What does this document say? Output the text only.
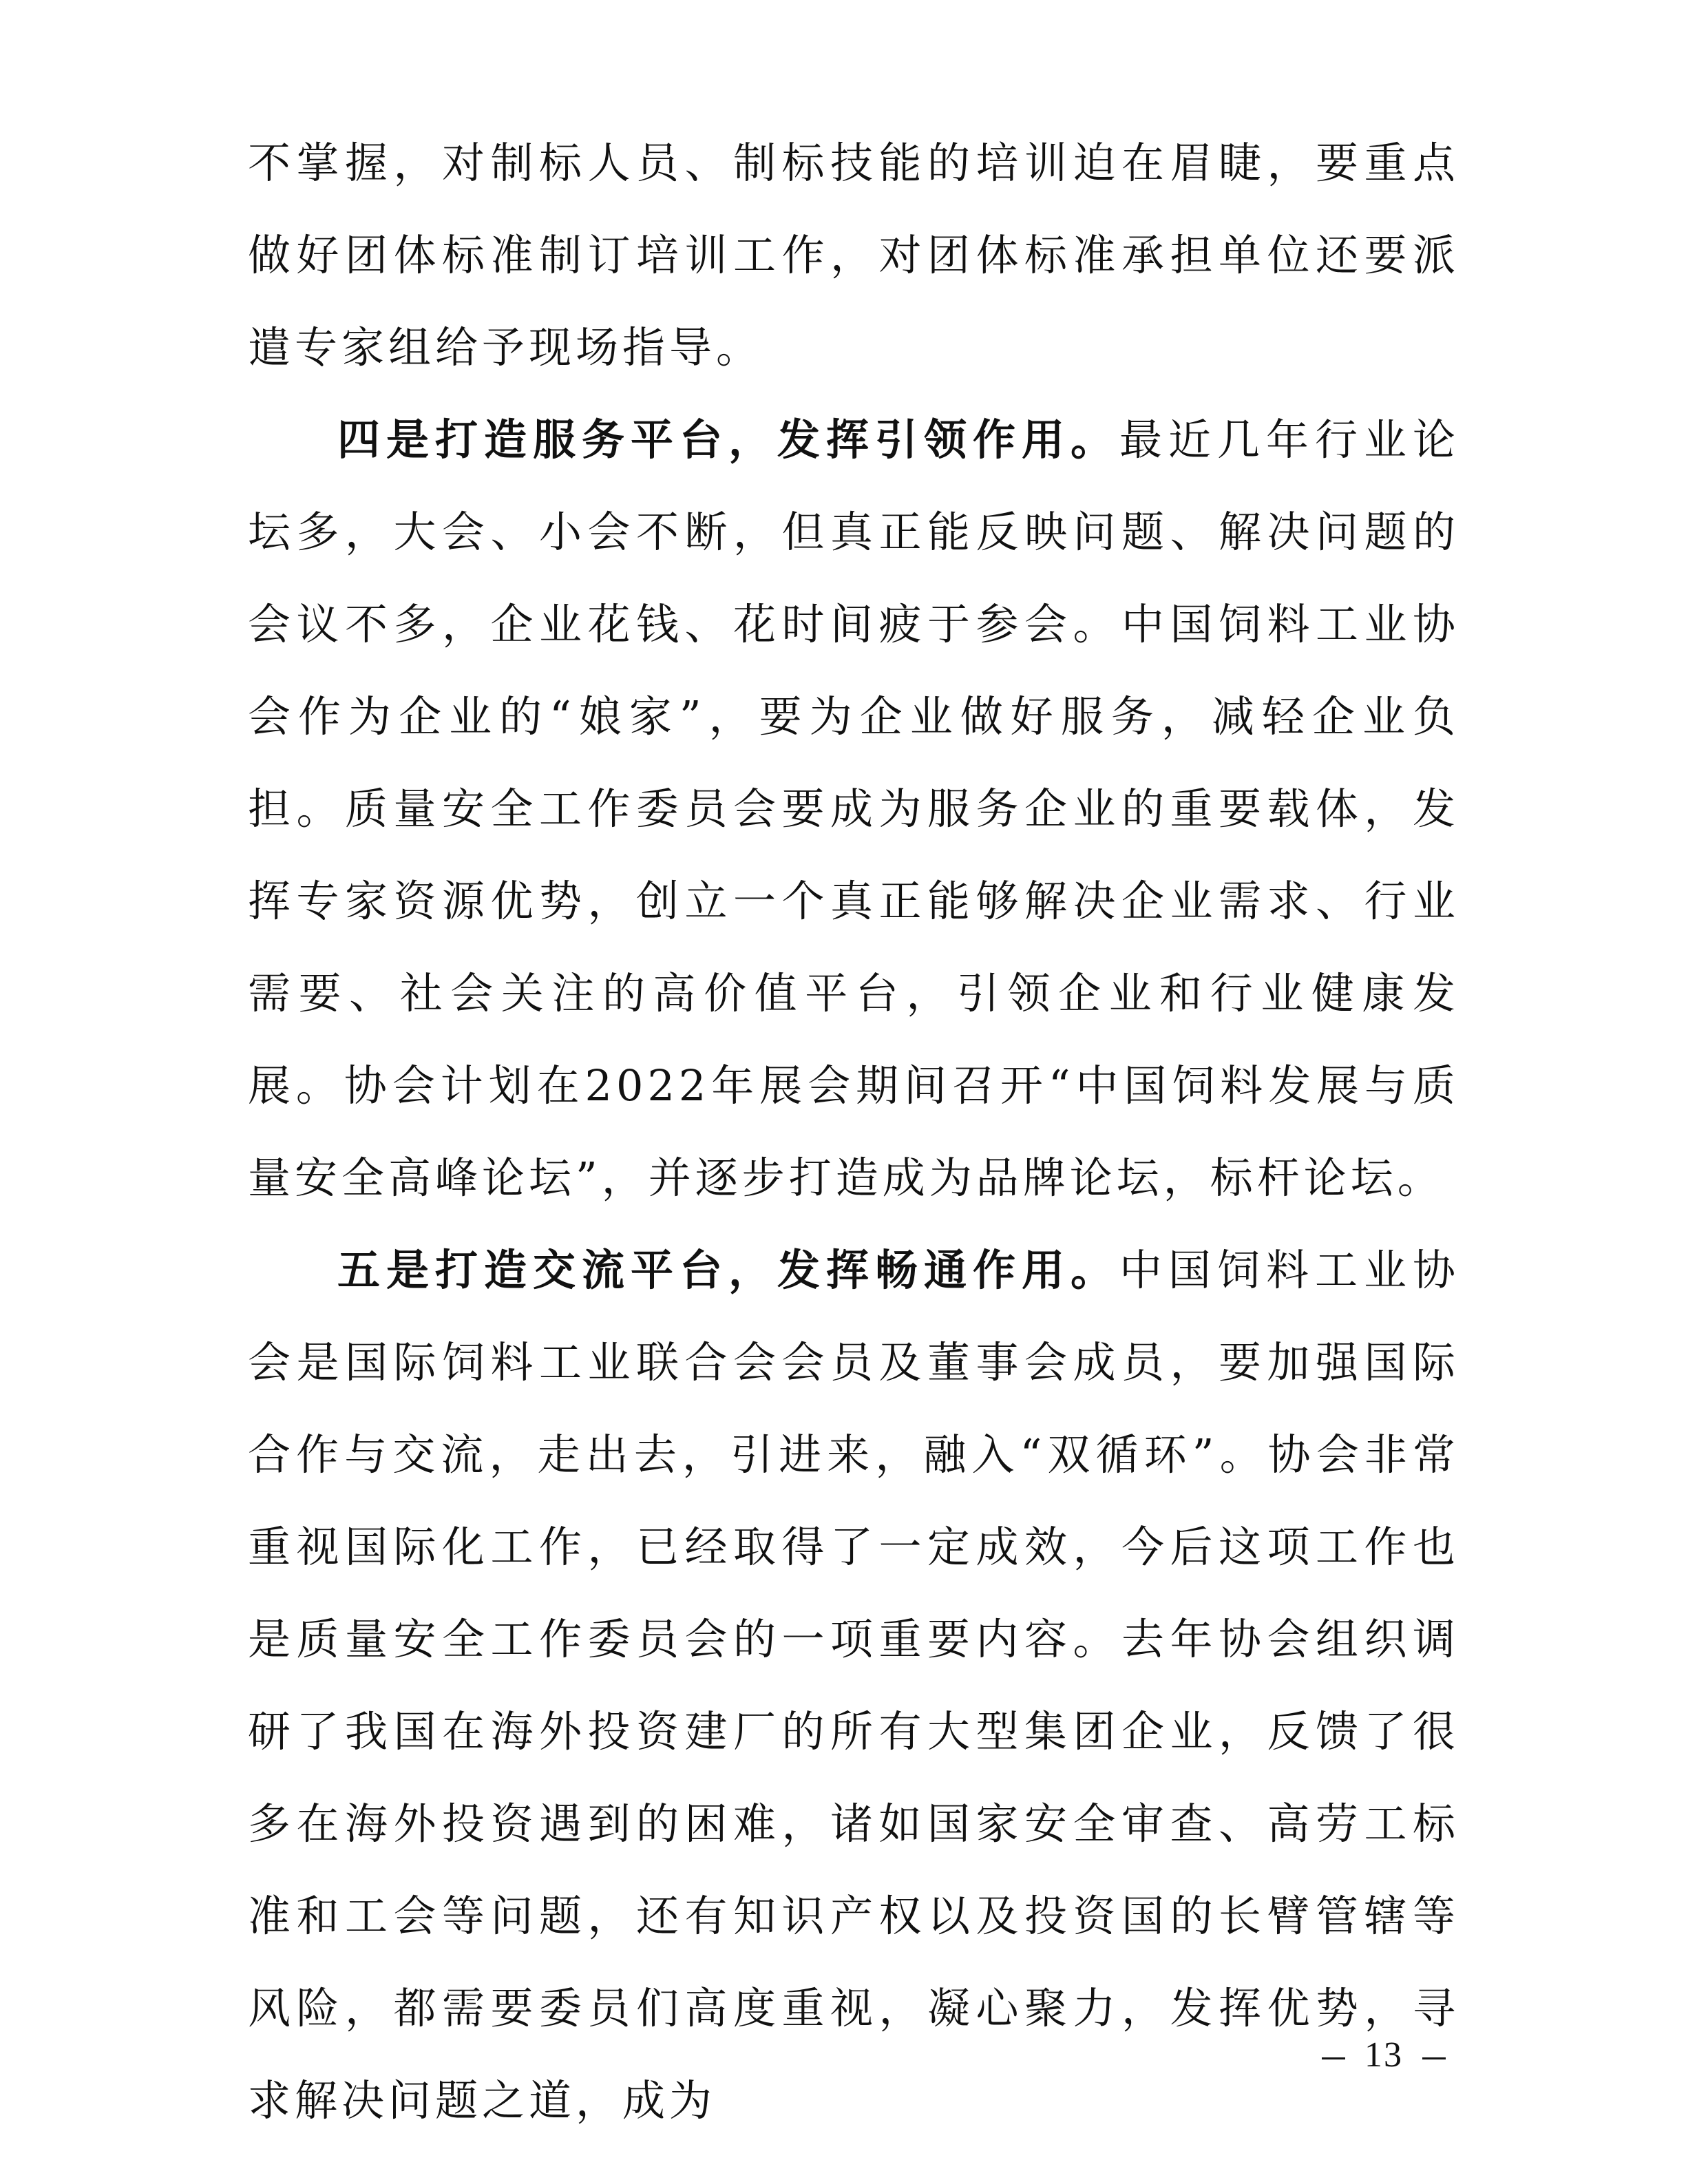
不掌握，对制标人员、制标技能的培训迫在眉睫，要重点做好团体标准制订培训工作，对团体标准承担单位还要派遣专家组给予现场指导。

四是打造服务平台，发挥引领作用。最近几年行业论坛多，大会、小会不断，但真正能反映问题、解决问题的会议不多，企业花钱、花时间疲于参会。中国饲料工业协会作为企业的“娘家”，要为企业做好服务，减轻企业负担。质量安全工作委员会要成为服务企业的重要载体，发挥专家资源优势，创立一个真正能够解决企业需求、行业需要、社会关注的高价值平台，引领企业和行业健康发展。协会计划在2022年展会期间召开“中国饲料发展与质量安全高峰论坛”，并逐步打造成为品牌论坛，标杆论坛。

五是打造交流平台，发挥畅通作用。中国饲料工业协会是国际饲料工业联合会会员及董事会成员，要加强国际合作与交流，走出去，引进来，融入“双循环”。协会非常重视国际化工作，已经取得了一定成效，今后这项工作也是质量安全工作委员会的一项重要内容。去年协会组织调研了我国在海外投资建厂的所有大型集团企业，反馈了很多在海外投资遇到的困难，诸如国家安全审查、高劳工标准和工会等问题，还有知识产权以及投资国的长臂管辖等风险，都需要委员们高度重视，凝心聚力，发挥优势，寻求解决问题之道，成为

13
